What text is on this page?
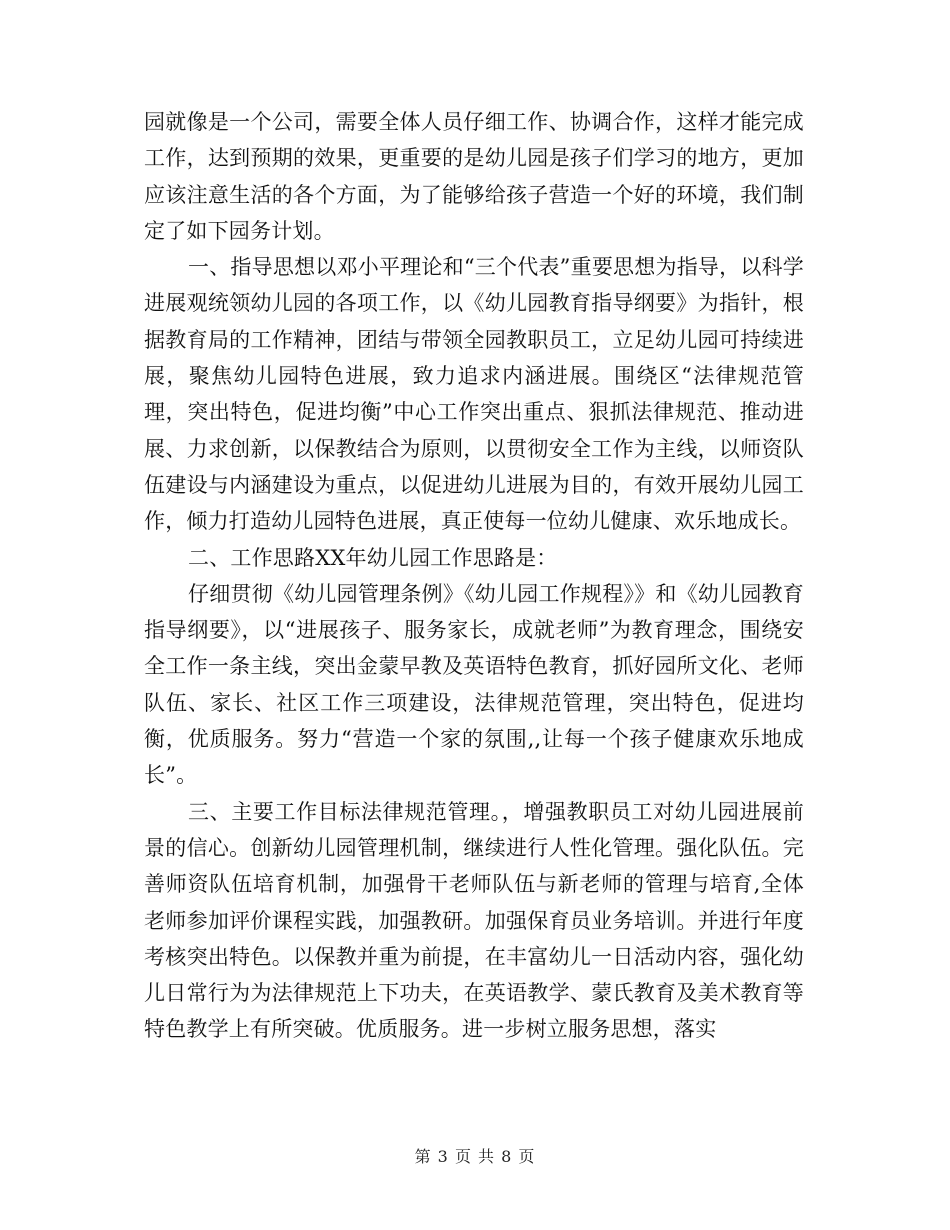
园就像是一个公司，需要全体人员仔细工作、协调合作，这样才能完成工作，达到预期的效果，更重要的是幼儿园是孩子们学习的地方，更加应该注意生活的各个方面，为了能够给孩子营造一个好的环境，我们制定了如下园务计划。

一、指导思想以邓小平理论和“三个代表”重要思想为指导，以科学进展观统领幼儿园的各项工作，以《幼儿园教育指导纲要》为指针，根据教育局的工作精神，团结与带领全园教职员工，立足幼儿园可持续进展，聚焦幼儿园特色进展，致力追求内涵进展。围绕区“法律规范管理，突出特色，促进均衡”中心工作突出重点、狠抓法律规范、推动进展、力求创新，以保教结合为原则，以贯彻安全工作为主线，以师资队伍建设与内涵建设为重点，以促进幼儿进展为目的，有效开展幼儿园工作，倾力打造幼儿园特色进展，真正使每一位幼儿健康、欢乐地成长。

二、工作思路XX年幼儿园工作思路是：

仔细贯彻《幼儿园管理条例》《幼儿园工作规程》》和《幼儿园教育指导纲要》，以“进展孩子、服务家长，成就老师”为教育理念，围绕安全工作一条主线，突出金蒙早教及英语特色教育，抓好园所文化、老师队伍、家长、社区工作三项建设，法律规范管理，突出特色，促进均衡，优质服务。努力“营造一个家的氛围,,让每一个孩子健康欢乐地成长”。

三、主要工作目标法律规范管理。，增强教职员工对幼儿园进展前景的信心。创新幼儿园管理机制，继续进行人性化管理。强化队伍。完善师资队伍培育机制，加强骨干老师队伍与新老师的管理与培育,全体老师参加评价课程实践，加强教研。加强保育员业务培训。并进行年度考核突出特色。以保教并重为前提，在丰富幼儿一日活动内容，强化幼儿日常行为为法律规范上下功夫，在英语教学、蒙氏教育及美术教育等特色教学上有所突破。优质服务。进一步树立服务思想，落实

第 3 页 共 8 页
